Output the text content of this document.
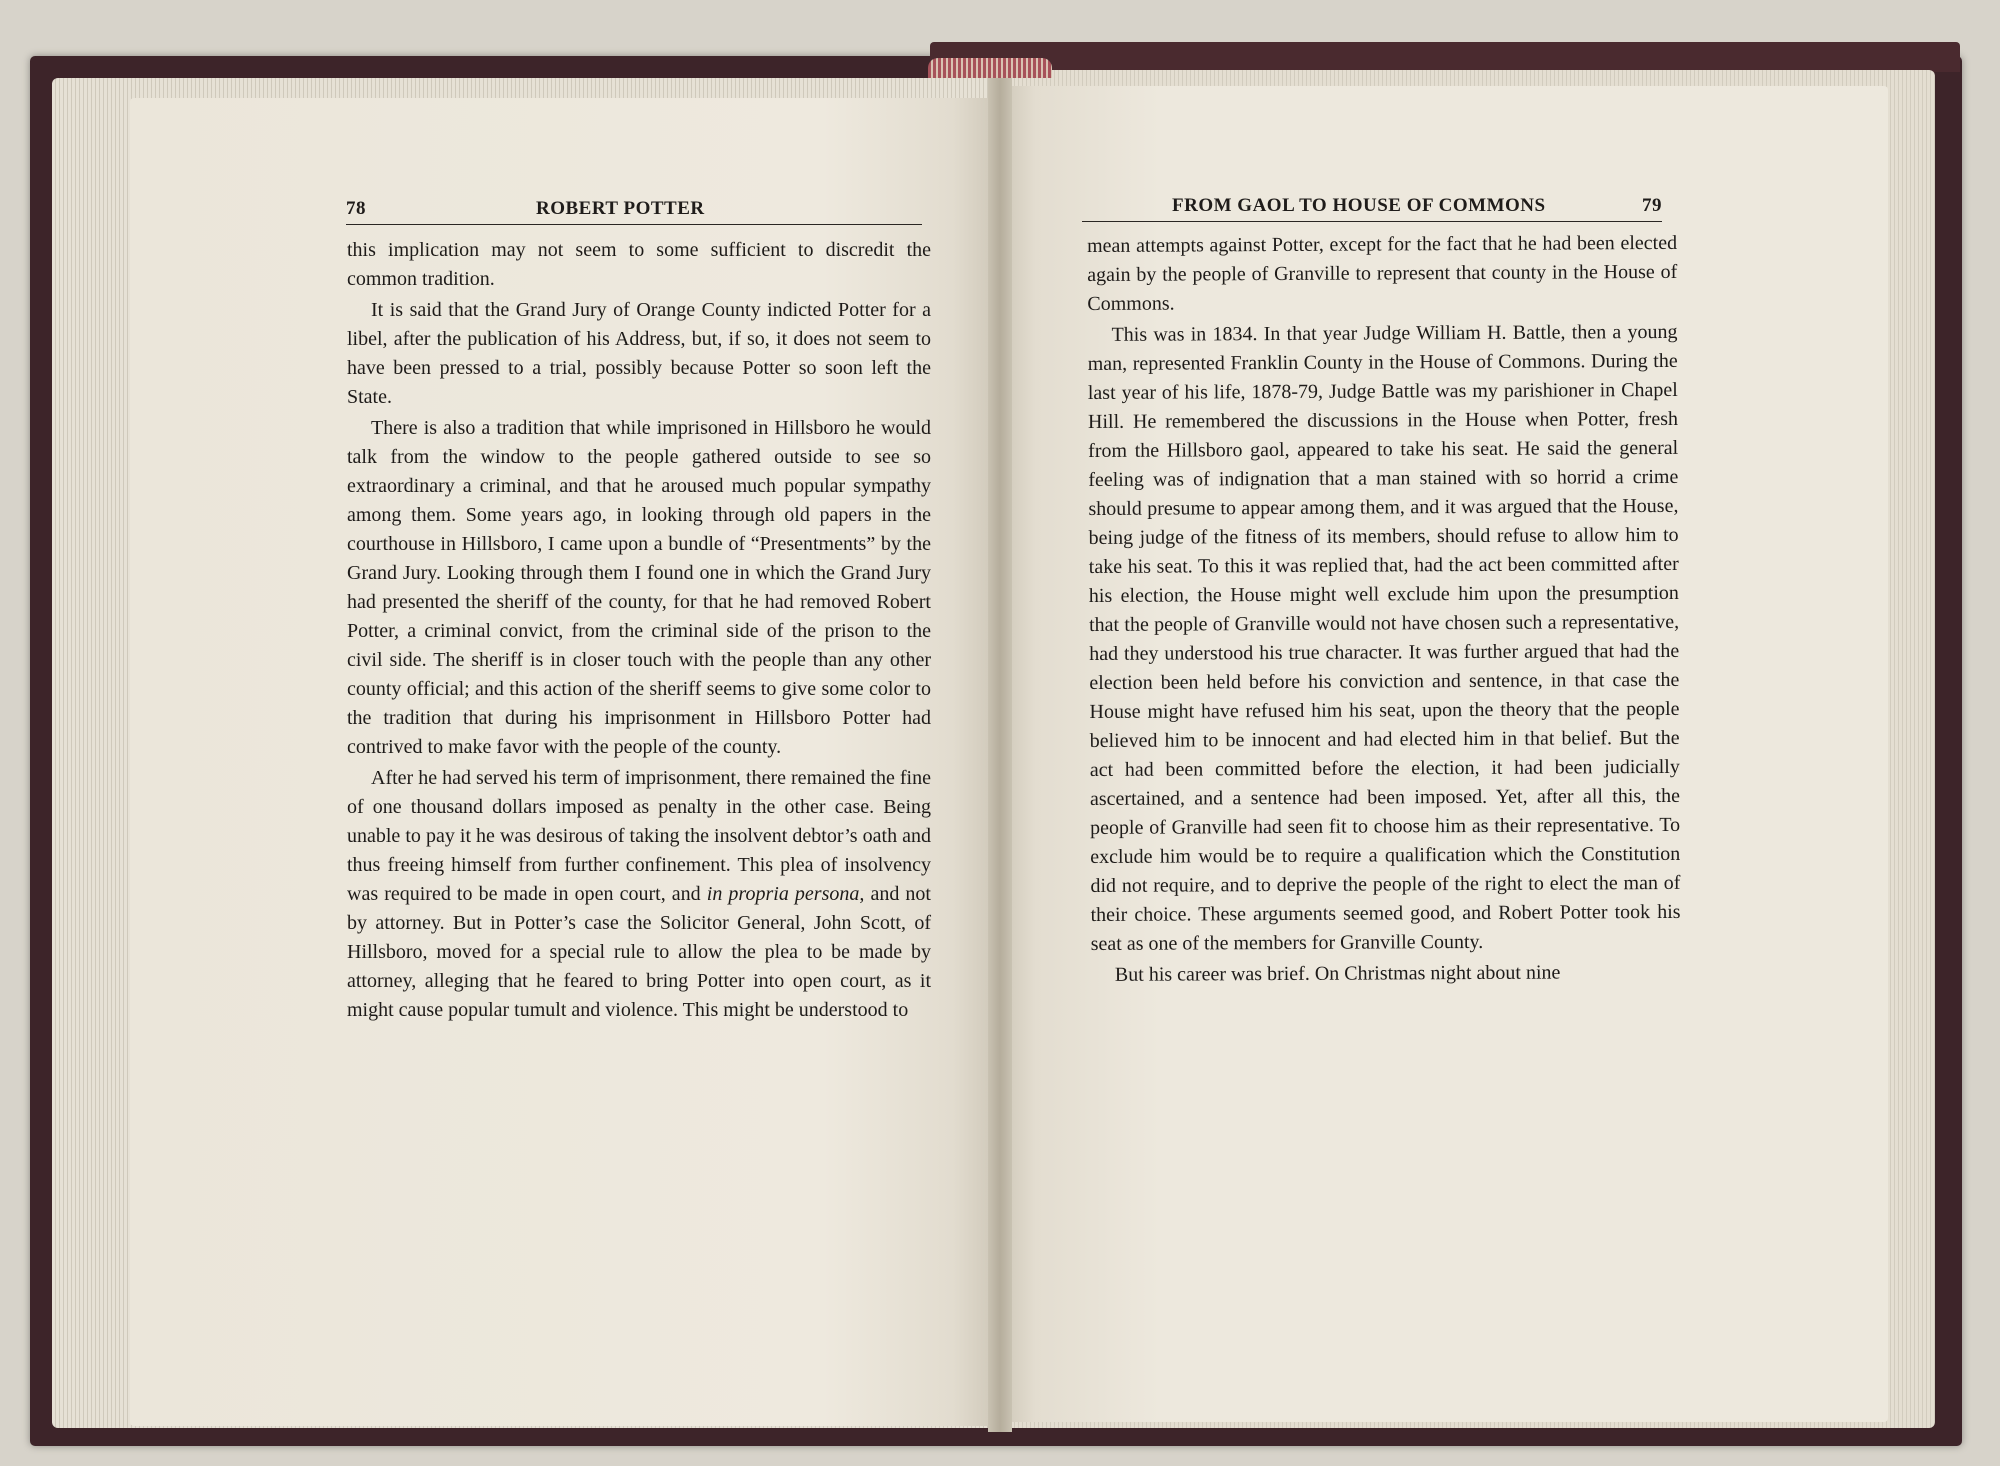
78	ROBERT POTTER	FROM GAOL TO HOUSE OF COMMONS	79

this implication may not seem to some sufficient to discredit the common tradition.

It is said that the Grand Jury of Orange County indicted Potter for a libel, after the publication of his Address, but, if so, it does not seem to have been pressed to a trial, possibly because Potter so soon left the State.

There is also a tradition that while imprisoned in Hillsboro he would talk from the window to the people gathered outside to see so extraordinary a criminal, and that he aroused much popular sympathy among them. Some years ago, in looking through old papers in the courthouse in Hillsboro, I came upon a bundle of “Presentments” by the Grand Jury. Looking through them I found one in which the Grand Jury had presented the sheriff of the county, for that he had removed Robert Potter, a criminal convict, from the criminal side of the prison to the civil side. The sheriff is in closer touch with the people than any other county official; and this action of the sheriff seems to give some color to the tradition that during his imprisonment in Hillsboro Potter had contrived to make favor with the people of the county.

After he had served his term of imprisonment, there remained the fine of one thousand dollars imposed as penalty in the other case. Being unable to pay it he was desirous of taking the insolvent debtor’s oath and thus freeing himself from further confinement. This plea of insolvency was required to be made in open court, and in propria persona, and not by attorney. But in Potter’s case the Solicitor General, John Scott, of Hillsboro, moved for a special rule to allow the plea to be made by attorney, alleging that he feared to bring Potter into open court, as it might cause popular tumult and violence. This might be understood to

mean attempts against Potter, except for the fact that he had been elected again by the people of Granville to represent that county in the House of Commons.

This was in 1834. In that year Judge William H. Battle, then a young man, represented Franklin County in the House of Commons. During the last year of his life, 1878-79, Judge Battle was my parishioner in Chapel Hill. He remembered the discussions in the House when Potter, fresh from the Hillsboro gaol, appeared to take his seat. He said the general feeling was of indignation that a man stained with so horrid a crime should presume to appear among them, and it was argued that the House, being judge of the fitness of its members, should refuse to allow him to take his seat. To this it was replied that, had the act been committed after his election, the House might well exclude him upon the presumption that the people of Granville would not have chosen such a representative, had they understood his true character. It was further argued that had the election been held before his conviction and sentence, in that case the House might have refused him his seat, upon the theory that the people believed him to be innocent and had elected him in that belief. But the act had been committed before the election, it had been judicially ascertained, and a sentence had been imposed. Yet, after all this, the people of Granville had seen fit to choose him as their representative. To exclude him would be to require a qualification which the Constitution did not require, and to deprive the people of the right to elect the man of their choice. These arguments seemed good, and Robert Potter took his seat as one of the members for Granville County.

But his career was brief. On Christmas night about nine
